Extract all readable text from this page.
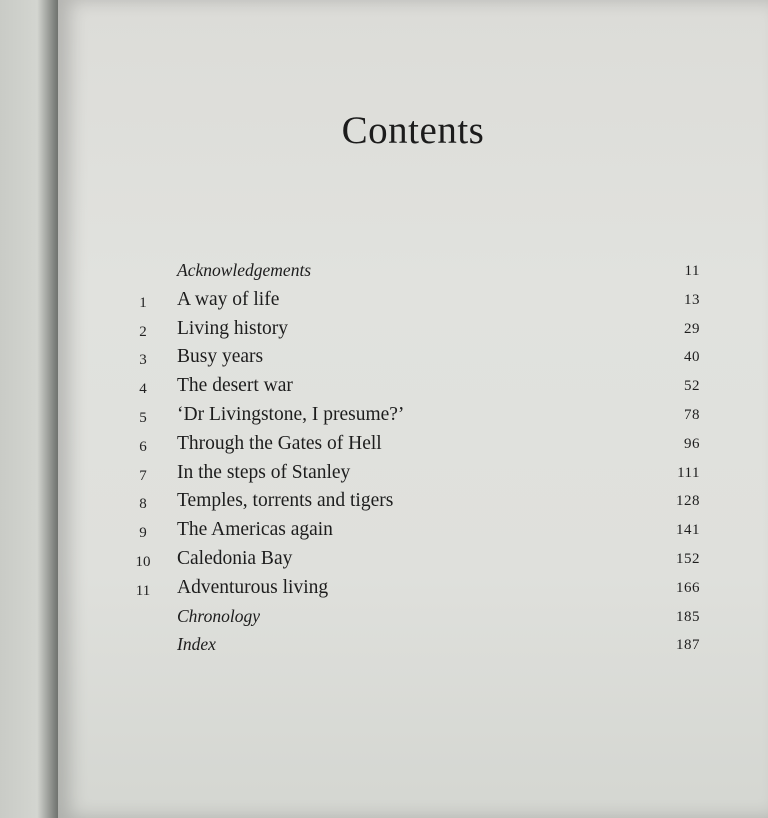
Contents
Acknowledgements	11
1	A way of life	13
2	Living history	29
3	Busy years	40
4	The desert war	52
5	‘Dr Livingstone, I presume?’	78
6	Through the Gates of Hell	96
7	In the steps of Stanley	111
8	Temples, torrents and tigers	128
9	The Americas again	141
10	Caledonia Bay	152
11	Adventurous living	166
Chronology	185
Index	187
